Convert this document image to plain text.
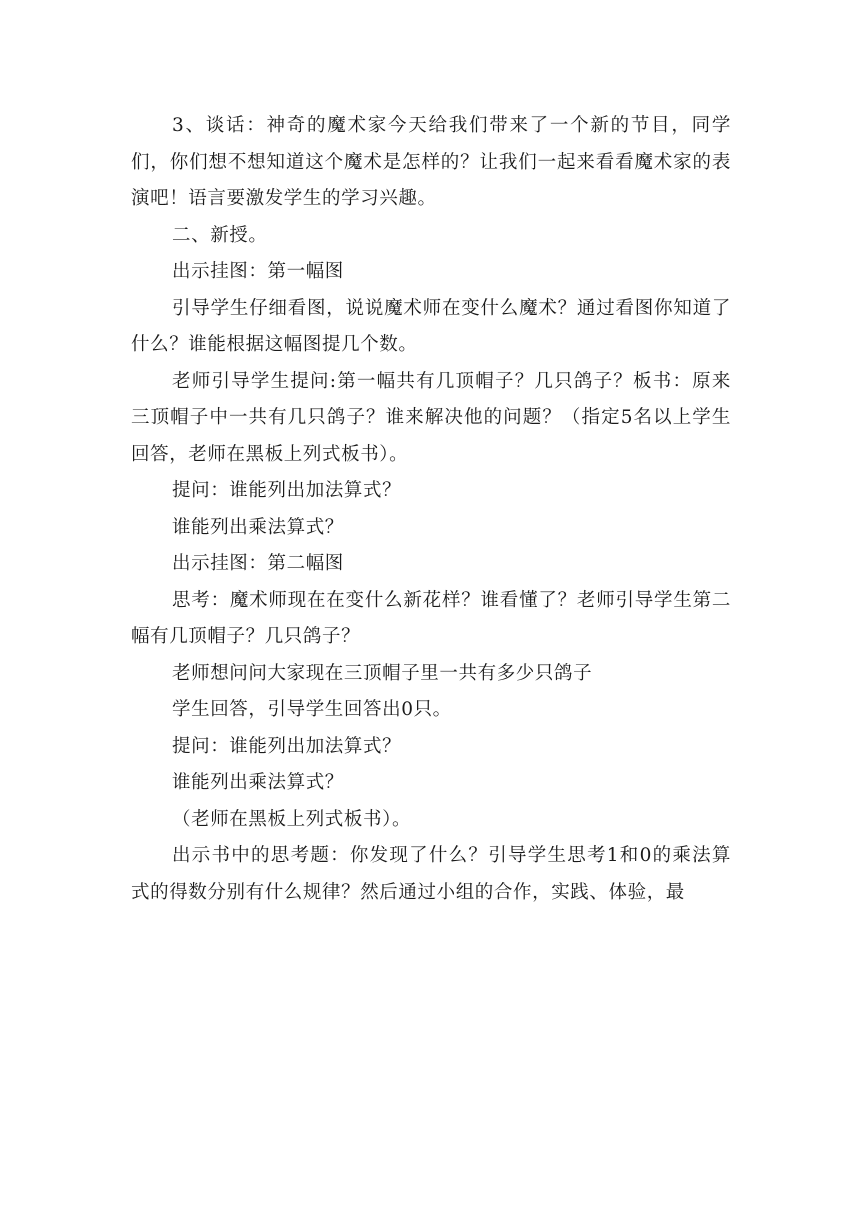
3、谈话：神奇的魔术家今天给我们带来了一个新的节目，同学们，你们想不想知道这个魔术是怎样的？让我们一起来看看魔术家的表演吧！语言要激发学生的学习兴趣。

二、新授。

出示挂图：第一幅图

引导学生仔细看图，说说魔术师在变什么魔术？通过看图你知道了什么？谁能根据这幅图提几个数。

老师引导学生提问:第一幅共有几顶帽子？几只鸽子？板书：原来三顶帽子中一共有几只鸽子？谁来解决他的问题？（指定5名以上学生回答，老师在黑板上列式板书）。

提问：谁能列出加法算式？

谁能列出乘法算式？

出示挂图：第二幅图

思考：魔术师现在在变什么新花样？谁看懂了？老师引导学生第二幅有几顶帽子？几只鸽子？

老师想问问大家现在三顶帽子里一共有多少只鸽子

学生回答，引导学生回答出0只。

提问：谁能列出加法算式？

谁能列出乘法算式？

（老师在黑板上列式板书）。

出示书中的思考题：你发现了什么？引导学生思考1和0的乘法算式的得数分别有什么规律？然后通过小组的合作，实践、体验，最
